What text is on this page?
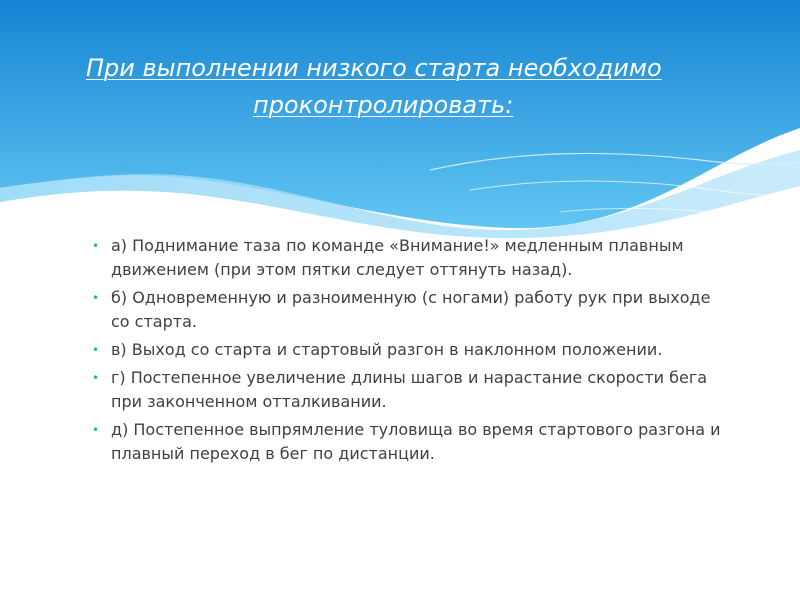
При выполнении низкого старта необходимо
проконтролировать:
• а) Поднимание таза по команде «Внимание!» медленным плавным движением (при этом пятки следует оттянуть назад).
• б) Одновременную и разноименную (с ногами) работу рук при выходе со старта.
• в) Выход со старта и стартовый разгон в наклонном положении.
• г) Постепенное увеличение длины шагов и нарастание скорости бега при законченном отталкивании.
• д) Постепенное выпрямление туловища во время стартового разгона и плавный переход в бег по дистанции.
